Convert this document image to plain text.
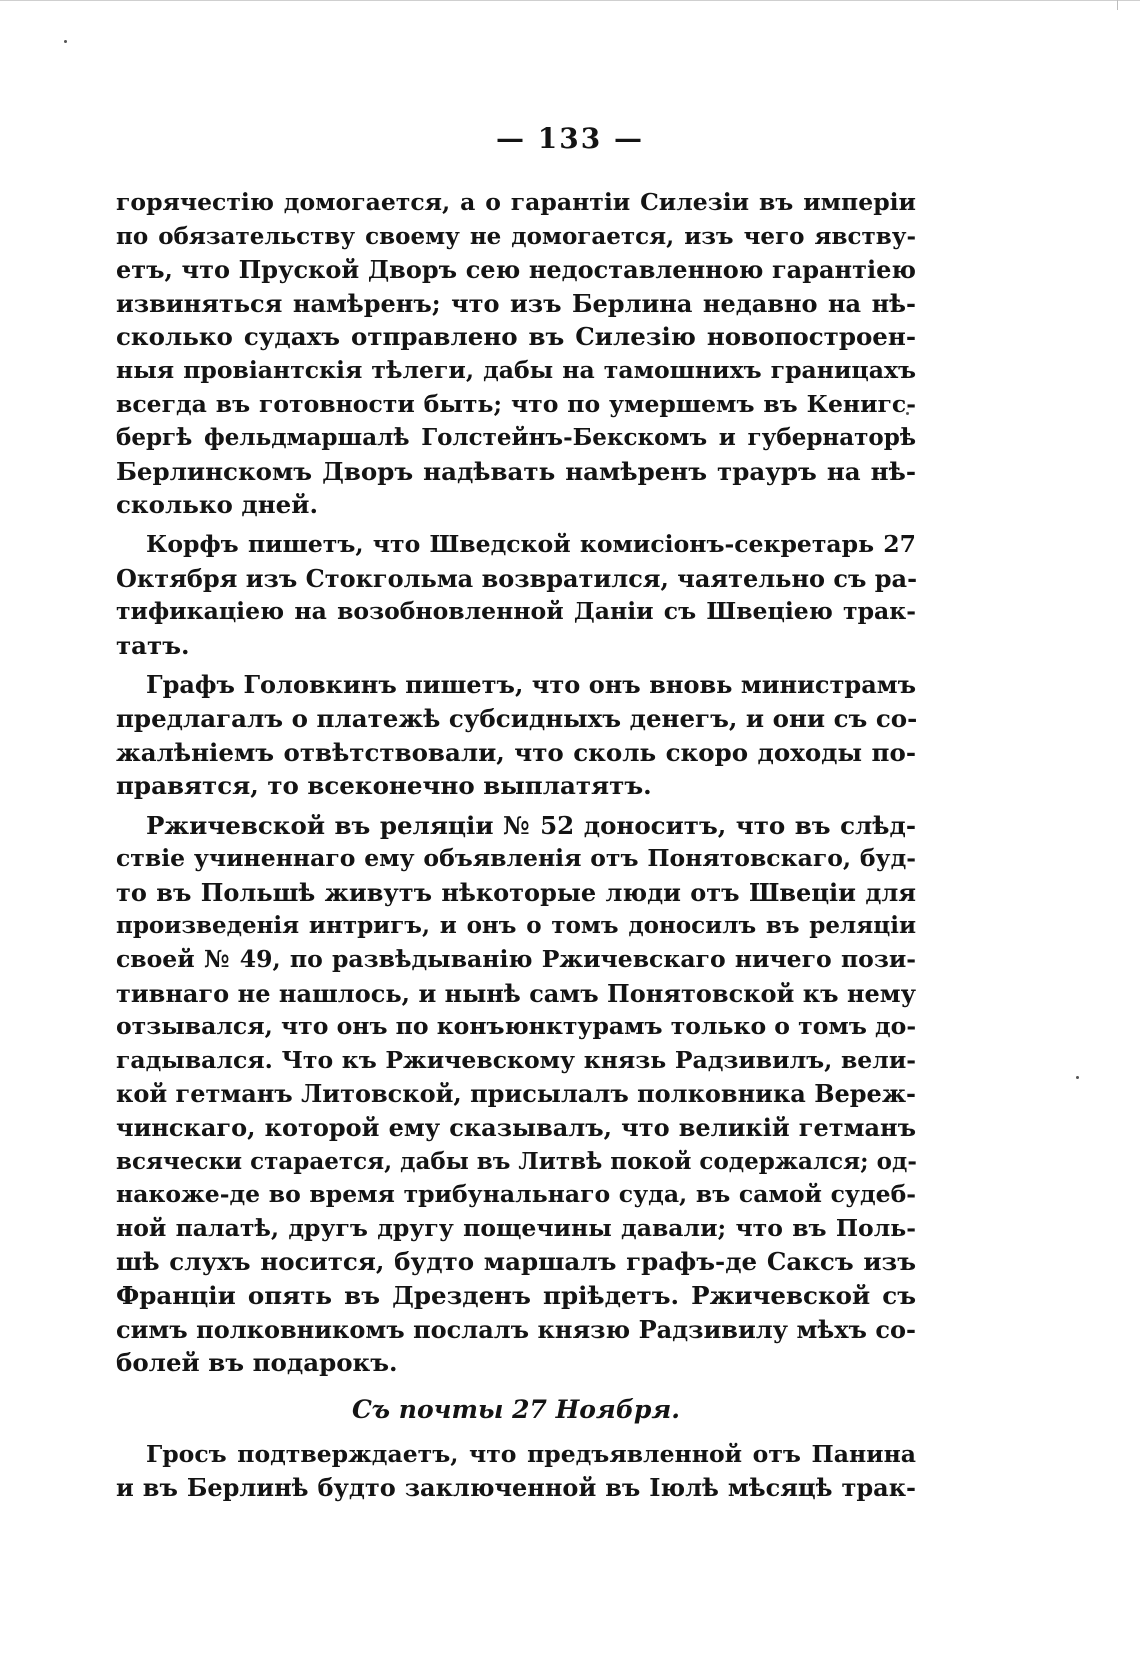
— 133 —
горячестію домогается, а о гарантіи Силезіи въ имперіи
по обязательству своему не домогается, изъ чего явству-
етъ, что Пруской Дворъ сею недоставленною гарантіею
извиняться намѣренъ; что изъ Берлина недавно на нѣ-
сколько судахъ отправлено въ Силезію новопостроен-
ныя провіантскія тѣлеги, дабы на тамошнихъ границахъ
всегда въ готовности быть; что по умершемъ въ Кенигс-
бергѣ фельдмаршалѣ Голстейнъ-Бекскомъ и губернаторѣ
Берлинскомъ Дворъ надѣвать намѣренъ трауръ на нѣ-
сколько дней.
Корфъ пишетъ, что Шведской комисіонъ-секретарь 27
Октября изъ Стокгольма возвратился, чаятельно съ ра-
тификаціею на возобновленной Даніи съ Швеціею трак-
татъ.
Графъ Головкинъ пишетъ, что онъ вновь министрамъ
предлагалъ о платежѣ субсидныхъ денегъ, и они съ со-
жалѣніемъ отвѣтствовали, что сколь скоро доходы по-
правятся, то всеконечно выплатятъ.
Ржичевской въ реляціи № 52 доноситъ, что въ слѣд-
ствіе учиненнаго ему объявленія отъ Понятовскаго, буд-
то въ Польшѣ живутъ нѣкоторые люди отъ Швеціи для
произведенія интригъ, и онъ о томъ доносилъ въ реляціи
своей № 49, по развѣдыванію Ржичевскаго ничего пози-
тивнаго не нашлось, и нынѣ самъ Понятовской къ нему
отзывался, что онъ по конъюнктурамъ только о томъ до-
гадывался. Что къ Ржичевскому князь Радзивилъ, вели-
кой гетманъ Литовской, присылалъ полковника Вереж-
чинскаго, которой ему сказывалъ, что великій гетманъ
всячески старается, дабы въ Литвѣ покой содержался; од-
накоже-де во время трибунальнаго суда, въ самой судеб-
ной палатѣ, другъ другу пощечины давали; что въ Поль-
шѣ слухъ носится, будто маршалъ графъ-де Саксъ изъ
Франціи опять въ Дрезденъ пріѣдетъ. Ржичевской съ
симъ полковникомъ послалъ князю Радзивилу мѣхъ со-
болей въ подарокъ.
Съ почты 27 Ноября.
Гросъ подтверждаетъ, что предъявленной отъ Панина
и въ Берлинѣ будто заключенной въ Іюлѣ мѣсяцѣ трак-
